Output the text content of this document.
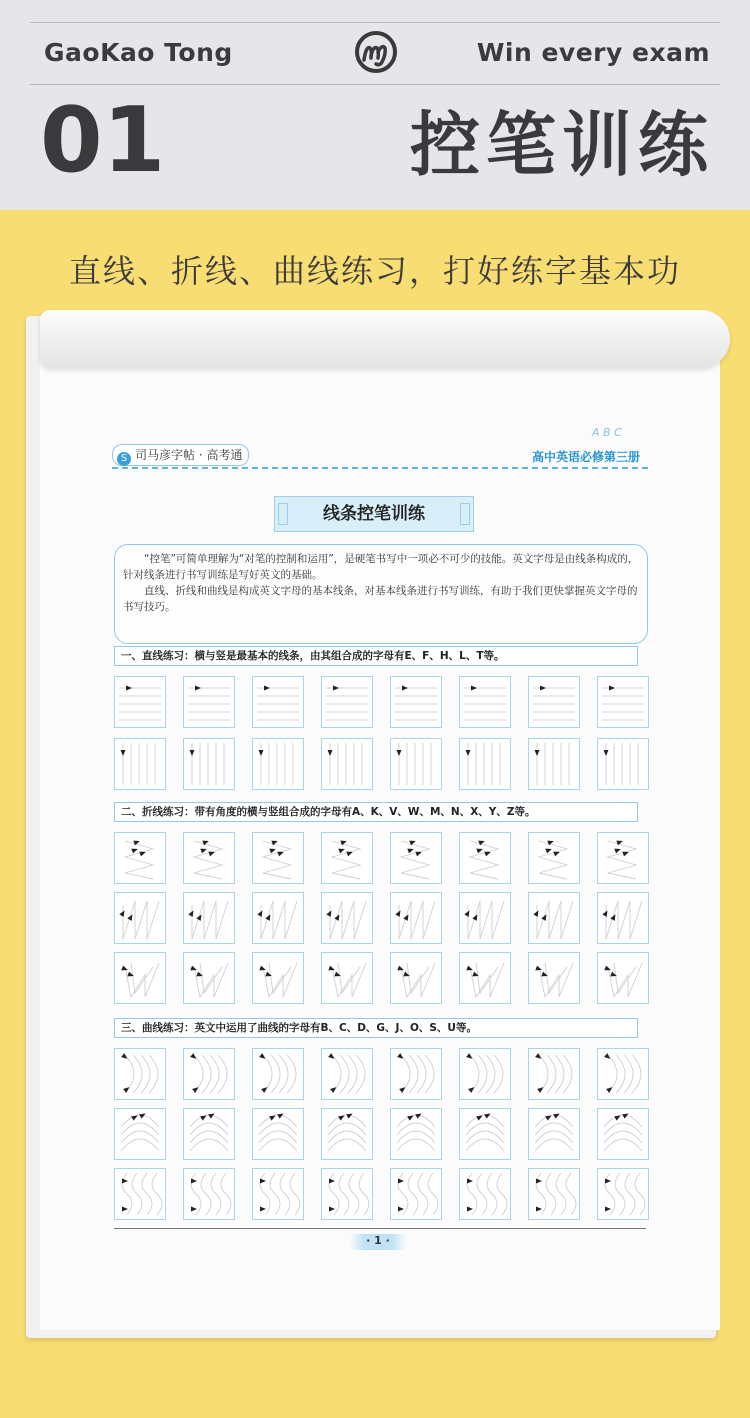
GaoKao Tong	Win every exam
01	控笔训练
直线、折线、曲线练习，打好练字基本功
S 司马彦字帖 · 高考通
A B C
高中英语必修第三册
线条控笔训练

“控笔”可简单理解为“对笔的控制和运用”，是硬笔书写中一项必不可少的技能。英文字母是由线条构成的，针对线条进行书写训练是写好英文的基础。

直线、折线和曲线是构成英文字母的基本线条，对基本线条进行书写训练，有助于我们更快掌握英文字母的书写技巧。

一、直线练习：横与竖是最基本的线条，由其组合成的字母有E、F、H、L、T等。
二、折线练习：带有角度的横与竖组合成的字母有A、K、V、W、M、N、X、Y、Z等。
三、曲线练习：英文中运用了曲线的字母有B、C、D、G、J、O、S、U等。
· 1 ·
